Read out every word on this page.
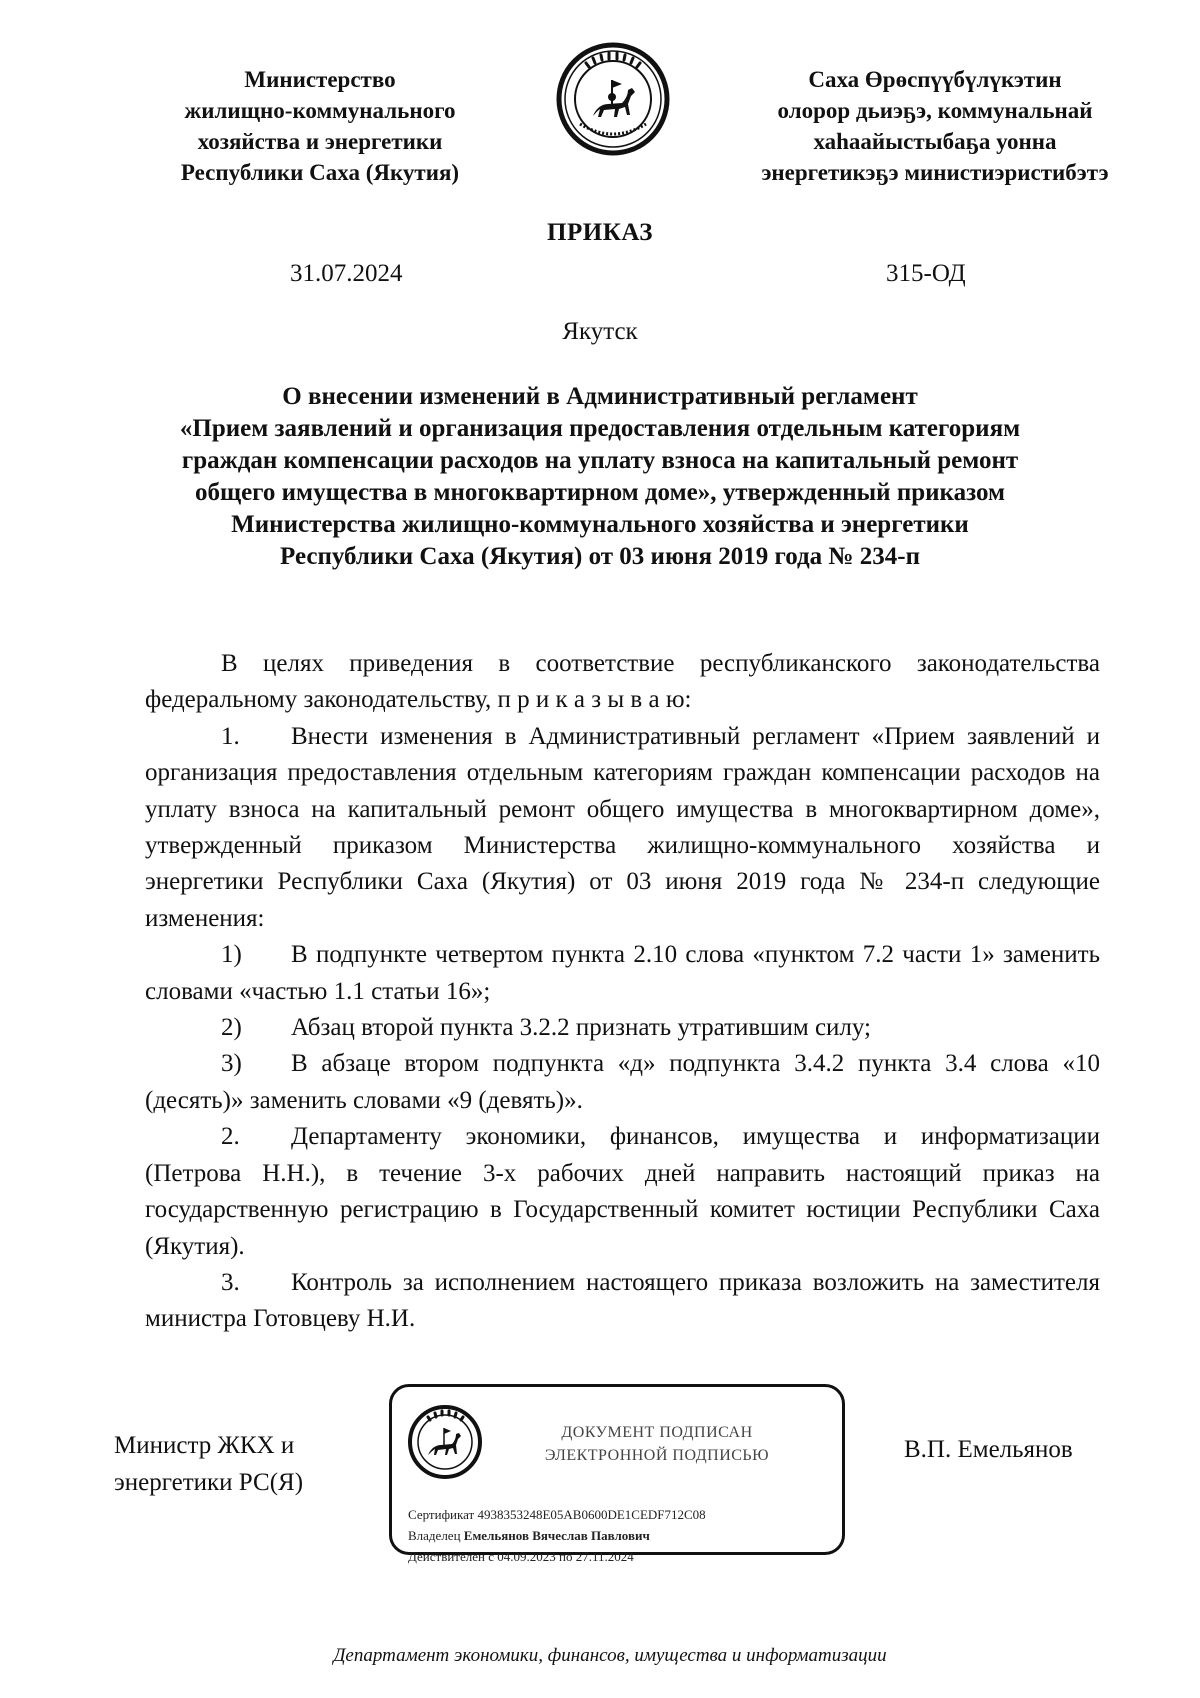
Министерство
жилищно-коммунального
хозяйства и энергетики
Республики Саха (Якутия)
Саха Өрөспүүбүлүкэтин
олорор дьиэҕэ, коммунальнай
хаһаайыстыбаҕа уонна
энергетикэҕэ министиэристибэтэ
ПРИКАЗ
31.07.2024	315-ОД
Якутск
О внесении изменений в Административный регламент
«Прием заявлений и организация предоставления отдельным категориям
граждан компенсации расходов на уплату взноса на капитальный ремонт
общего имущества в многоквартирном доме», утвержденный приказом
Министерства жилищно-коммунального хозяйства и энергетики
Республики Саха (Якутия) от 03 июня 2019 года № 234-п
В целях приведения в соответствие республиканского законодательства федеральному законодательству, п р и к а з ы в а ю:
1. Внести изменения в Административный регламент «Прием заявлений и организация предоставления отдельным категориям граждан компенсации расходов на уплату взноса на капитальный ремонт общего имущества в многоквартирном доме», утвержденный приказом Министерства жилищно-коммунального хозяйства и энергетики Республики Саха (Якутия) от 03 июня 2019 года № 234-п следующие изменения:
1) В подпункте четвертом пункта 2.10 слова «пунктом 7.2 части 1» заменить словами «частью 1.1 статьи 16»;
2) Абзац второй пункта 3.2.2 признать утратившим силу;
3) В абзаце втором подпункта «д» подпункта 3.4.2 пункта 3.4 слова «10 (десять)» заменить словами «9 (девять)».
2. Департаменту экономики, финансов, имущества и информатизации (Петрова Н.Н.), в течение 3-х рабочих дней направить настоящий приказ на государственную регистрацию в Государственный комитет юстиции Республики Саха (Якутия).
3. Контроль за исполнением настоящего приказа возложить на заместителя министра Готовцеву Н.И.
Министр ЖКХ и
энергетики РС(Я)
ДОКУМЕНТ ПОДПИСАН
ЭЛЕКТРОННОЙ ПОДПИСЬЮ
Сертификат 4938353248E05AB0600DE1CEDF712C08
Владелец Емельянов Вячеслав Павлович
Действителен с 04.09.2023 по 27.11.2024
В.П. Емельянов
Департамент экономики, финансов, имущества и информатизации
